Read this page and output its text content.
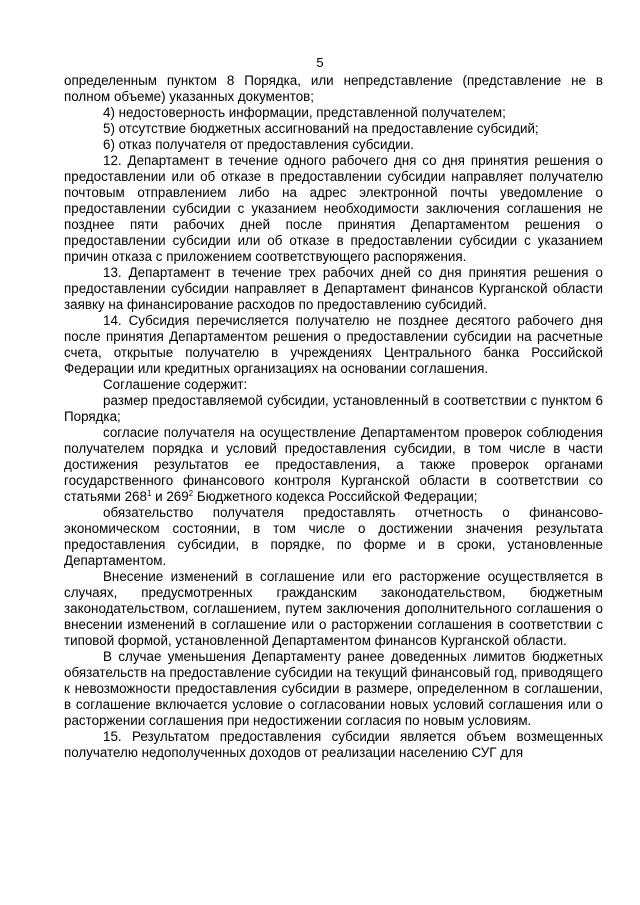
5

определенным пунктом 8 Порядка, или непредставление (представление не в полном объеме) указанных документов;

4) недостоверность информации, представленной получателем;

5) отсутствие бюджетных ассигнований на предоставление субсидий;

6) отказ получателя от предоставления субсидии.

12. Департамент в течение одного рабочего дня со дня принятия решения о предоставлении или об отказе в предоставлении субсидии направляет получателю почтовым отправлением либо на адрес электронной почты уведомление о предоставлении субсидии с указанием необходимости заключения соглашения не позднее пяти рабочих дней после принятия Департаментом решения о предоставлении субсидии или об отказе в предоставлении субсидии с указанием причин отказа с приложением соответствующего распоряжения.

13. Департамент в течение трех рабочих дней со дня принятия решения о предоставлении субсидии направляет в Департамент финансов Курганской области заявку на финансирование расходов по предоставлению субсидий.

14. Субсидия перечисляется получателю не позднее десятого рабочего дня после принятия Департаментом решения о предоставлении субсидии на расчетные счета, открытые получателю в учреждениях Центрального банка Российской Федерации или кредитных организациях на основании соглашения.

Соглашение содержит:

размер предоставляемой субсидии, установленный в соответствии с пунктом 6 Порядка;

согласие получателя на осуществление Департаментом проверок соблюдения получателем порядка и условий предоставления субсидии, в том числе в части достижения результатов ее предоставления, а также проверок органами государственного финансового контроля Курганской области в соответствии со статьями $268^1$ и $269^2$ Бюджетного кодекса Российской Федерации;

обязательство получателя предоставлять отчетность о финансово-экономическом состоянии, в том числе о достижении значения результата предоставления субсидии, в порядке, по форме и в сроки, установленные Департаментом.

Внесение изменений в соглашение или его расторжение осуществляется в случаях, предусмотренных гражданским законодательством, бюджетным законодательством, соглашением, путем заключения дополнительного соглашения о внесении изменений в соглашение или о расторжении соглашения в соответствии с типовой формой, установленной Департаментом финансов Курганской области.

В случае уменьшения Департаменту ранее доведенных лимитов бюджетных обязательств на предоставление субсидии на текущий финансовый год, приводящего к невозможности предоставления субсидии в размере, определенном в соглашении, в соглашение включается условие о согласовании новых условий соглашения или о расторжении соглашения при недостижении согласия по новым условиям.

15. Результатом предоставления субсидии является объем возмещенных получателю недополученных доходов от реализации населению СУГ для
